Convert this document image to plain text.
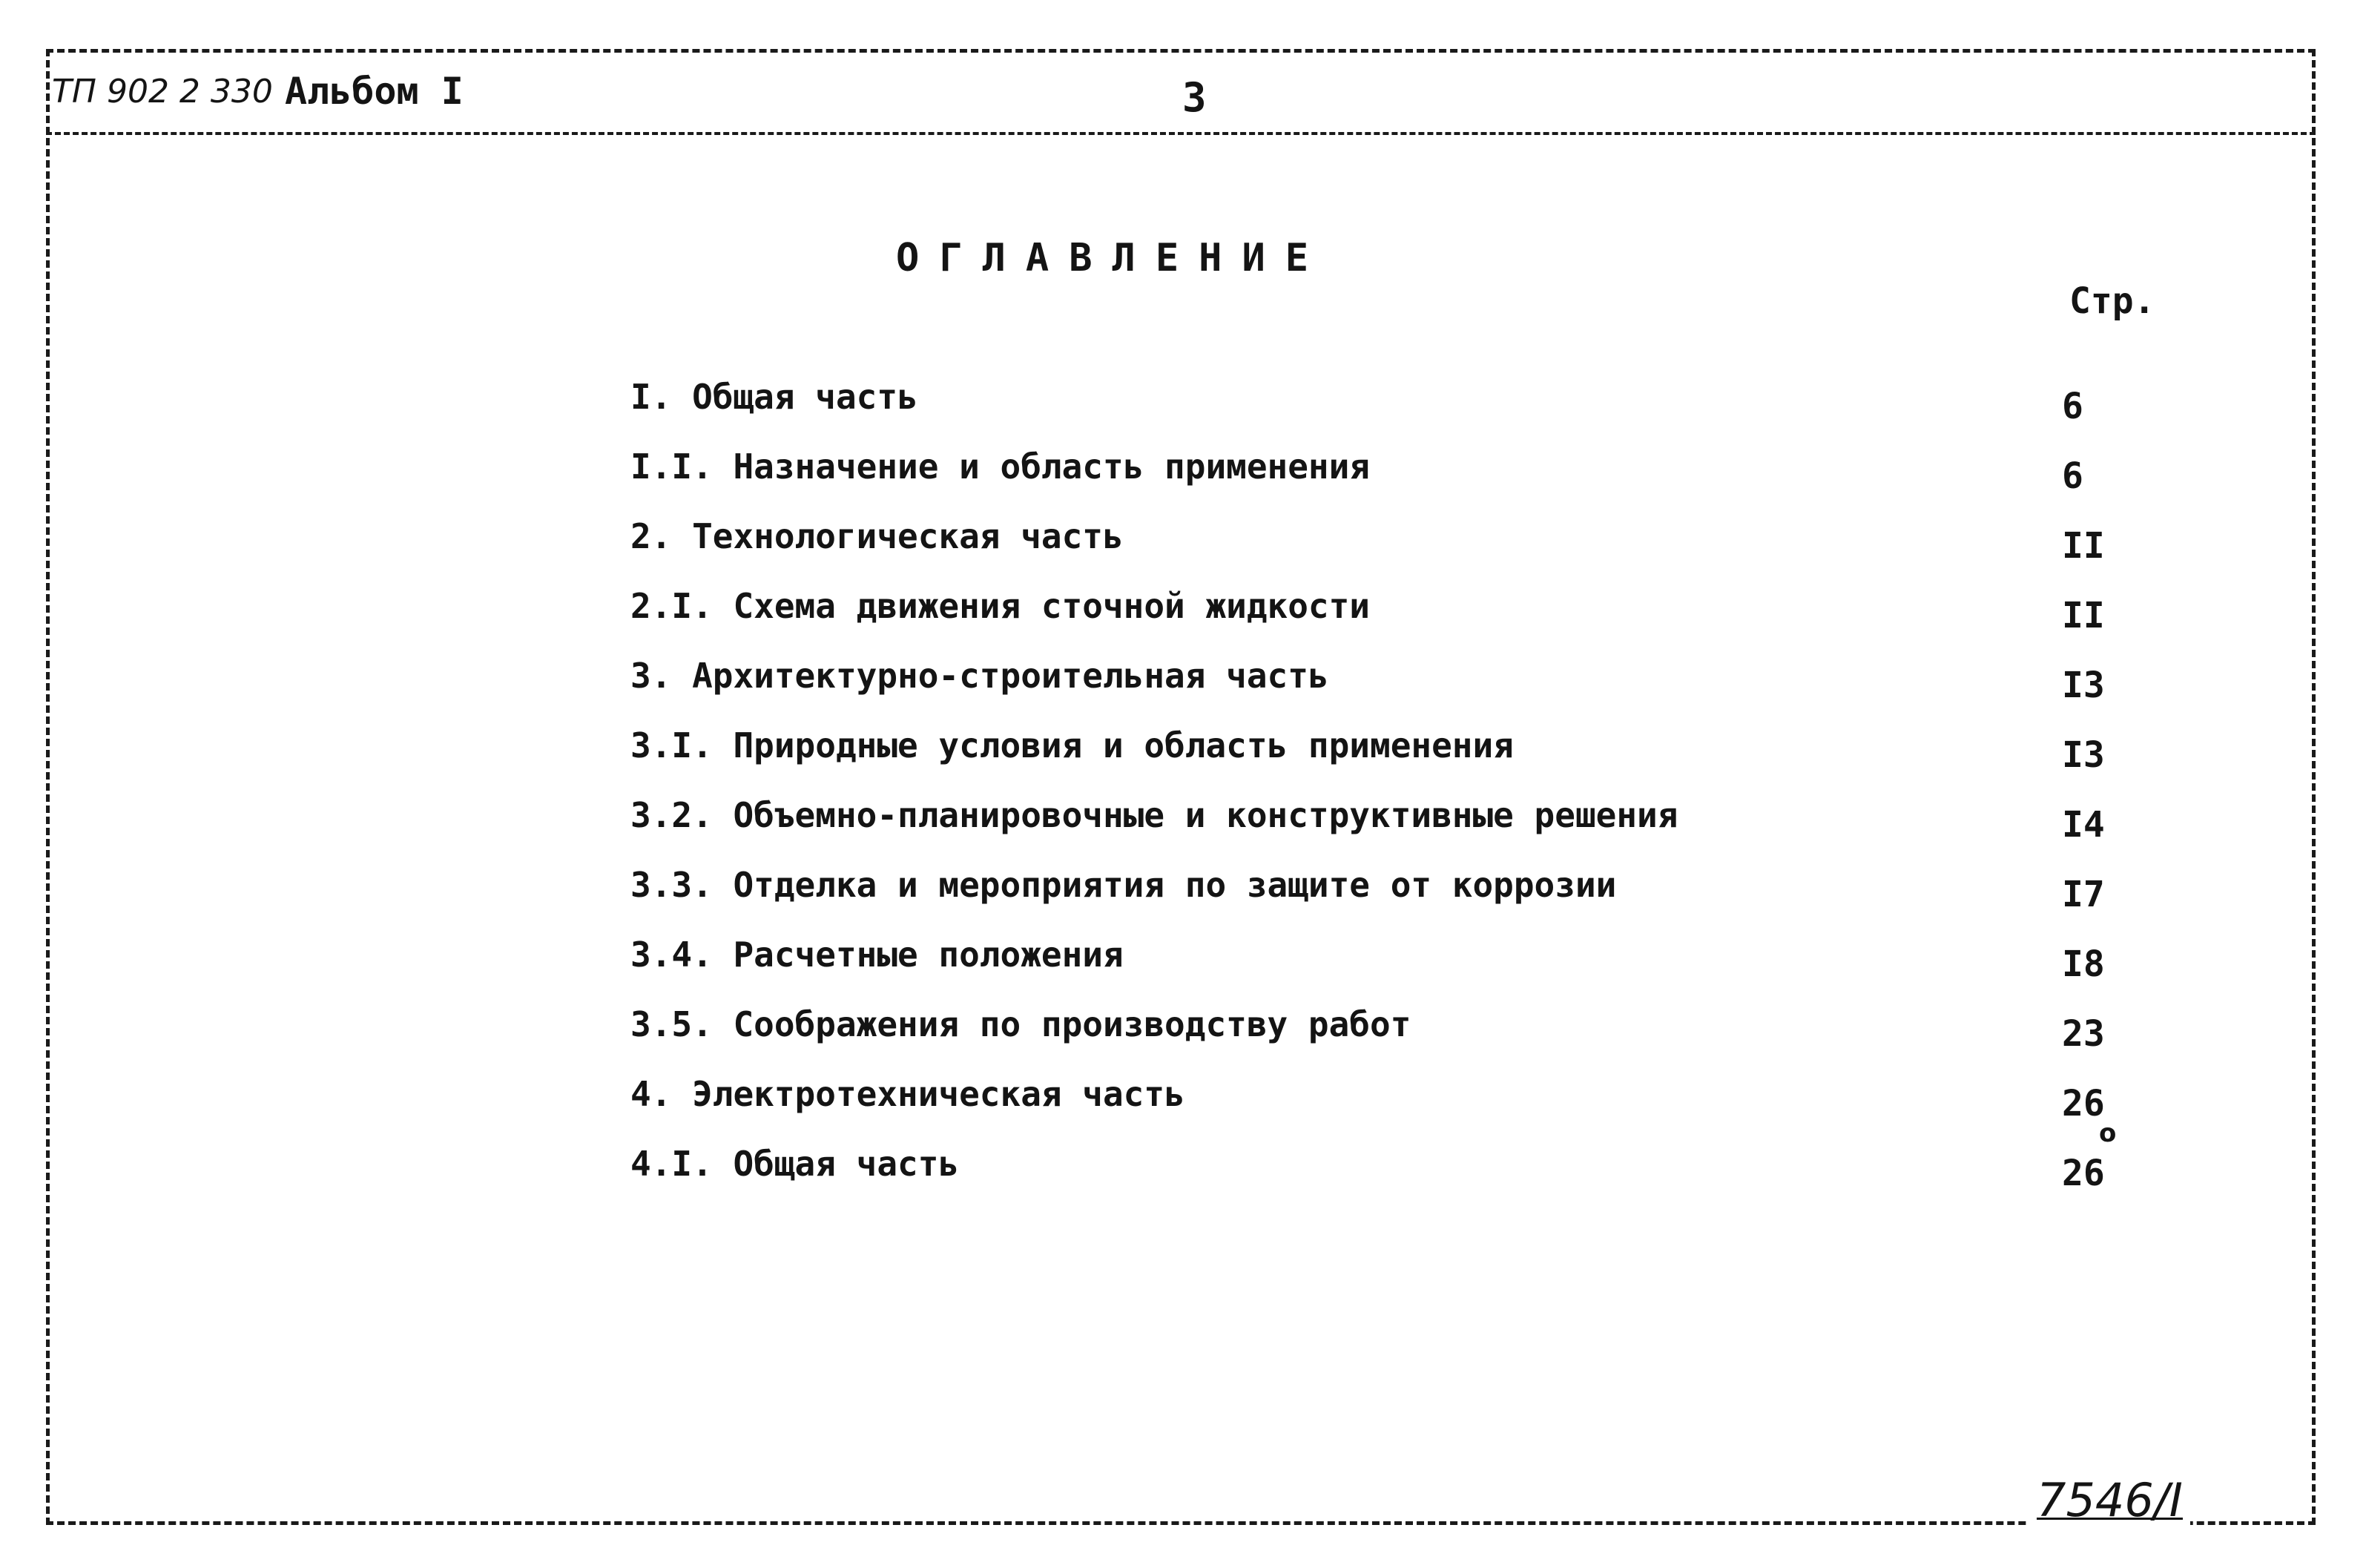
ТП 902 2 330 Альбом I	3
ОГЛАВЛЕНИЕ
Стр.
I. Общая часть	6
I.I. Назначение и область применения	6
2. Технологическая часть	II
2.I. Схема движения сточной жидкости	II
3. Архитектурно-строительная часть	I3
3.I. Природные условия и область применения	I3
3.2. Объемно-планировочные и конструктивные решения	I4
3.3. Отделка и мероприятия по защите от коррозии	I7
3.4. Расчетные положения	I8
3.5. Соображения по производству работ	23
4. Электротехническая часть	26
4.I. Общая часть	26
o
7546/I
